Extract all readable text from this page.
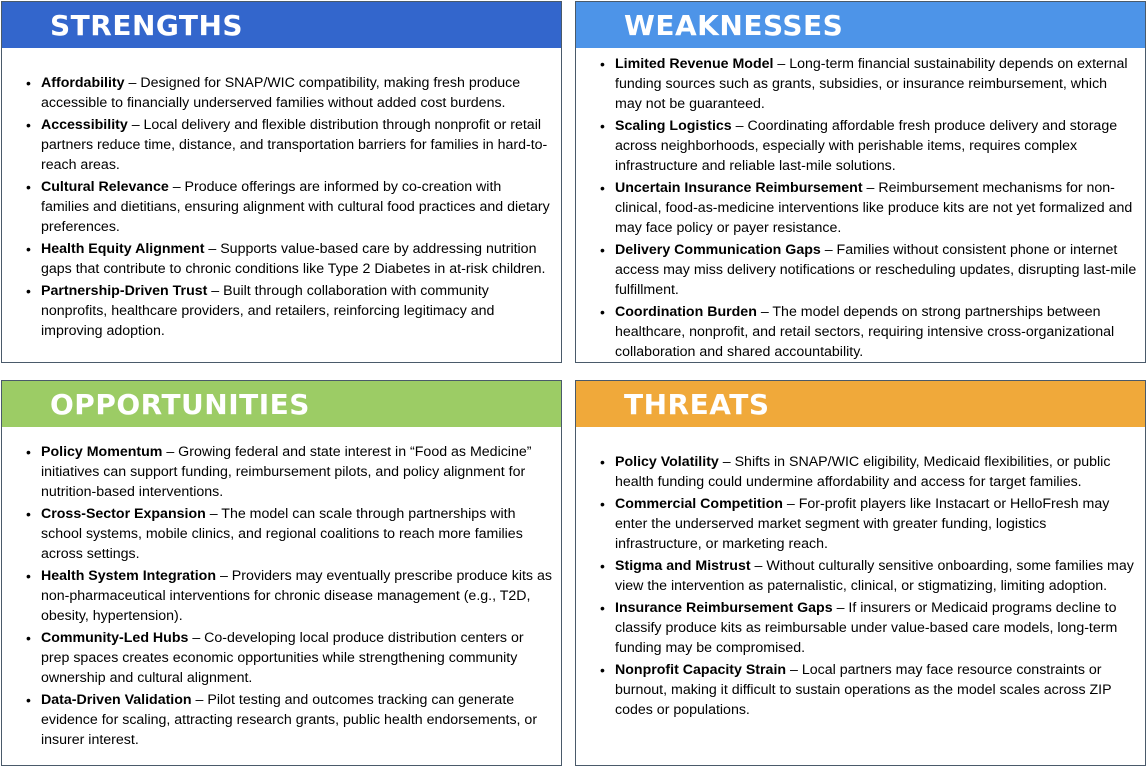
STRENGTHS
• Affordability – Designed for SNAP/WIC compatibility, making fresh produce accessible to financially underserved families without added cost burdens.
• Accessibility – Local delivery and flexible distribution through nonprofit or retail partners reduce time, distance, and transportation barriers for families in hard-to-reach areas.
• Cultural Relevance – Produce offerings are informed by co-creation with families and dietitians, ensuring alignment with cultural food practices and dietary preferences.
• Health Equity Alignment – Supports value-based care by addressing nutrition gaps that contribute to chronic conditions like Type 2 Diabetes in at-risk children.
• Partnership-Driven Trust – Built through collaboration with community nonprofits, healthcare providers, and retailers, reinforcing legitimacy and improving adoption.
WEAKNESSES
• Limited Revenue Model – Long-term financial sustainability depends on external funding sources such as grants, subsidies, or insurance reimbursement, which may not be guaranteed.
• Scaling Logistics – Coordinating affordable fresh produce delivery and storage across neighborhoods, especially with perishable items, requires complex infrastructure and reliable last-mile solutions.
• Uncertain Insurance Reimbursement – Reimbursement mechanisms for non-clinical, food-as-medicine interventions like produce kits are not yet formalized and may face policy or payer resistance.
• Delivery Communication Gaps – Families without consistent phone or internet access may miss delivery notifications or rescheduling updates, disrupting last-mile fulfillment.
• Coordination Burden – The model depends on strong partnerships between healthcare, nonprofit, and retail sectors, requiring intensive cross-organizational collaboration and shared accountability.
OPPORTUNITIES
• Policy Momentum – Growing federal and state interest in “Food as Medicine” initiatives can support funding, reimbursement pilots, and policy alignment for nutrition-based interventions.
• Cross-Sector Expansion – The model can scale through partnerships with school systems, mobile clinics, and regional coalitions to reach more families across settings.
• Health System Integration – Providers may eventually prescribe produce kits as non-pharmaceutical interventions for chronic disease management (e.g., T2D, obesity, hypertension).
• Community-Led Hubs – Co-developing local produce distribution centers or prep spaces creates economic opportunities while strengthening community ownership and cultural alignment.
• Data-Driven Validation – Pilot testing and outcomes tracking can generate evidence for scaling, attracting research grants, public health endorsements, or insurer interest.
THREATS
• Policy Volatility – Shifts in SNAP/WIC eligibility, Medicaid flexibilities, or public health funding could undermine affordability and access for target families.
• Commercial Competition – For-profit players like Instacart or HelloFresh may enter the underserved market segment with greater funding, logistics infrastructure, or marketing reach.
• Stigma and Mistrust – Without culturally sensitive onboarding, some families may view the intervention as paternalistic, clinical, or stigmatizing, limiting adoption.
• Insurance Reimbursement Gaps – If insurers or Medicaid programs decline to classify produce kits as reimbursable under value-based care models, long-term funding may be compromised.
• Nonprofit Capacity Strain – Local partners may face resource constraints or burnout, making it difficult to sustain operations as the model scales across ZIP codes or populations.
